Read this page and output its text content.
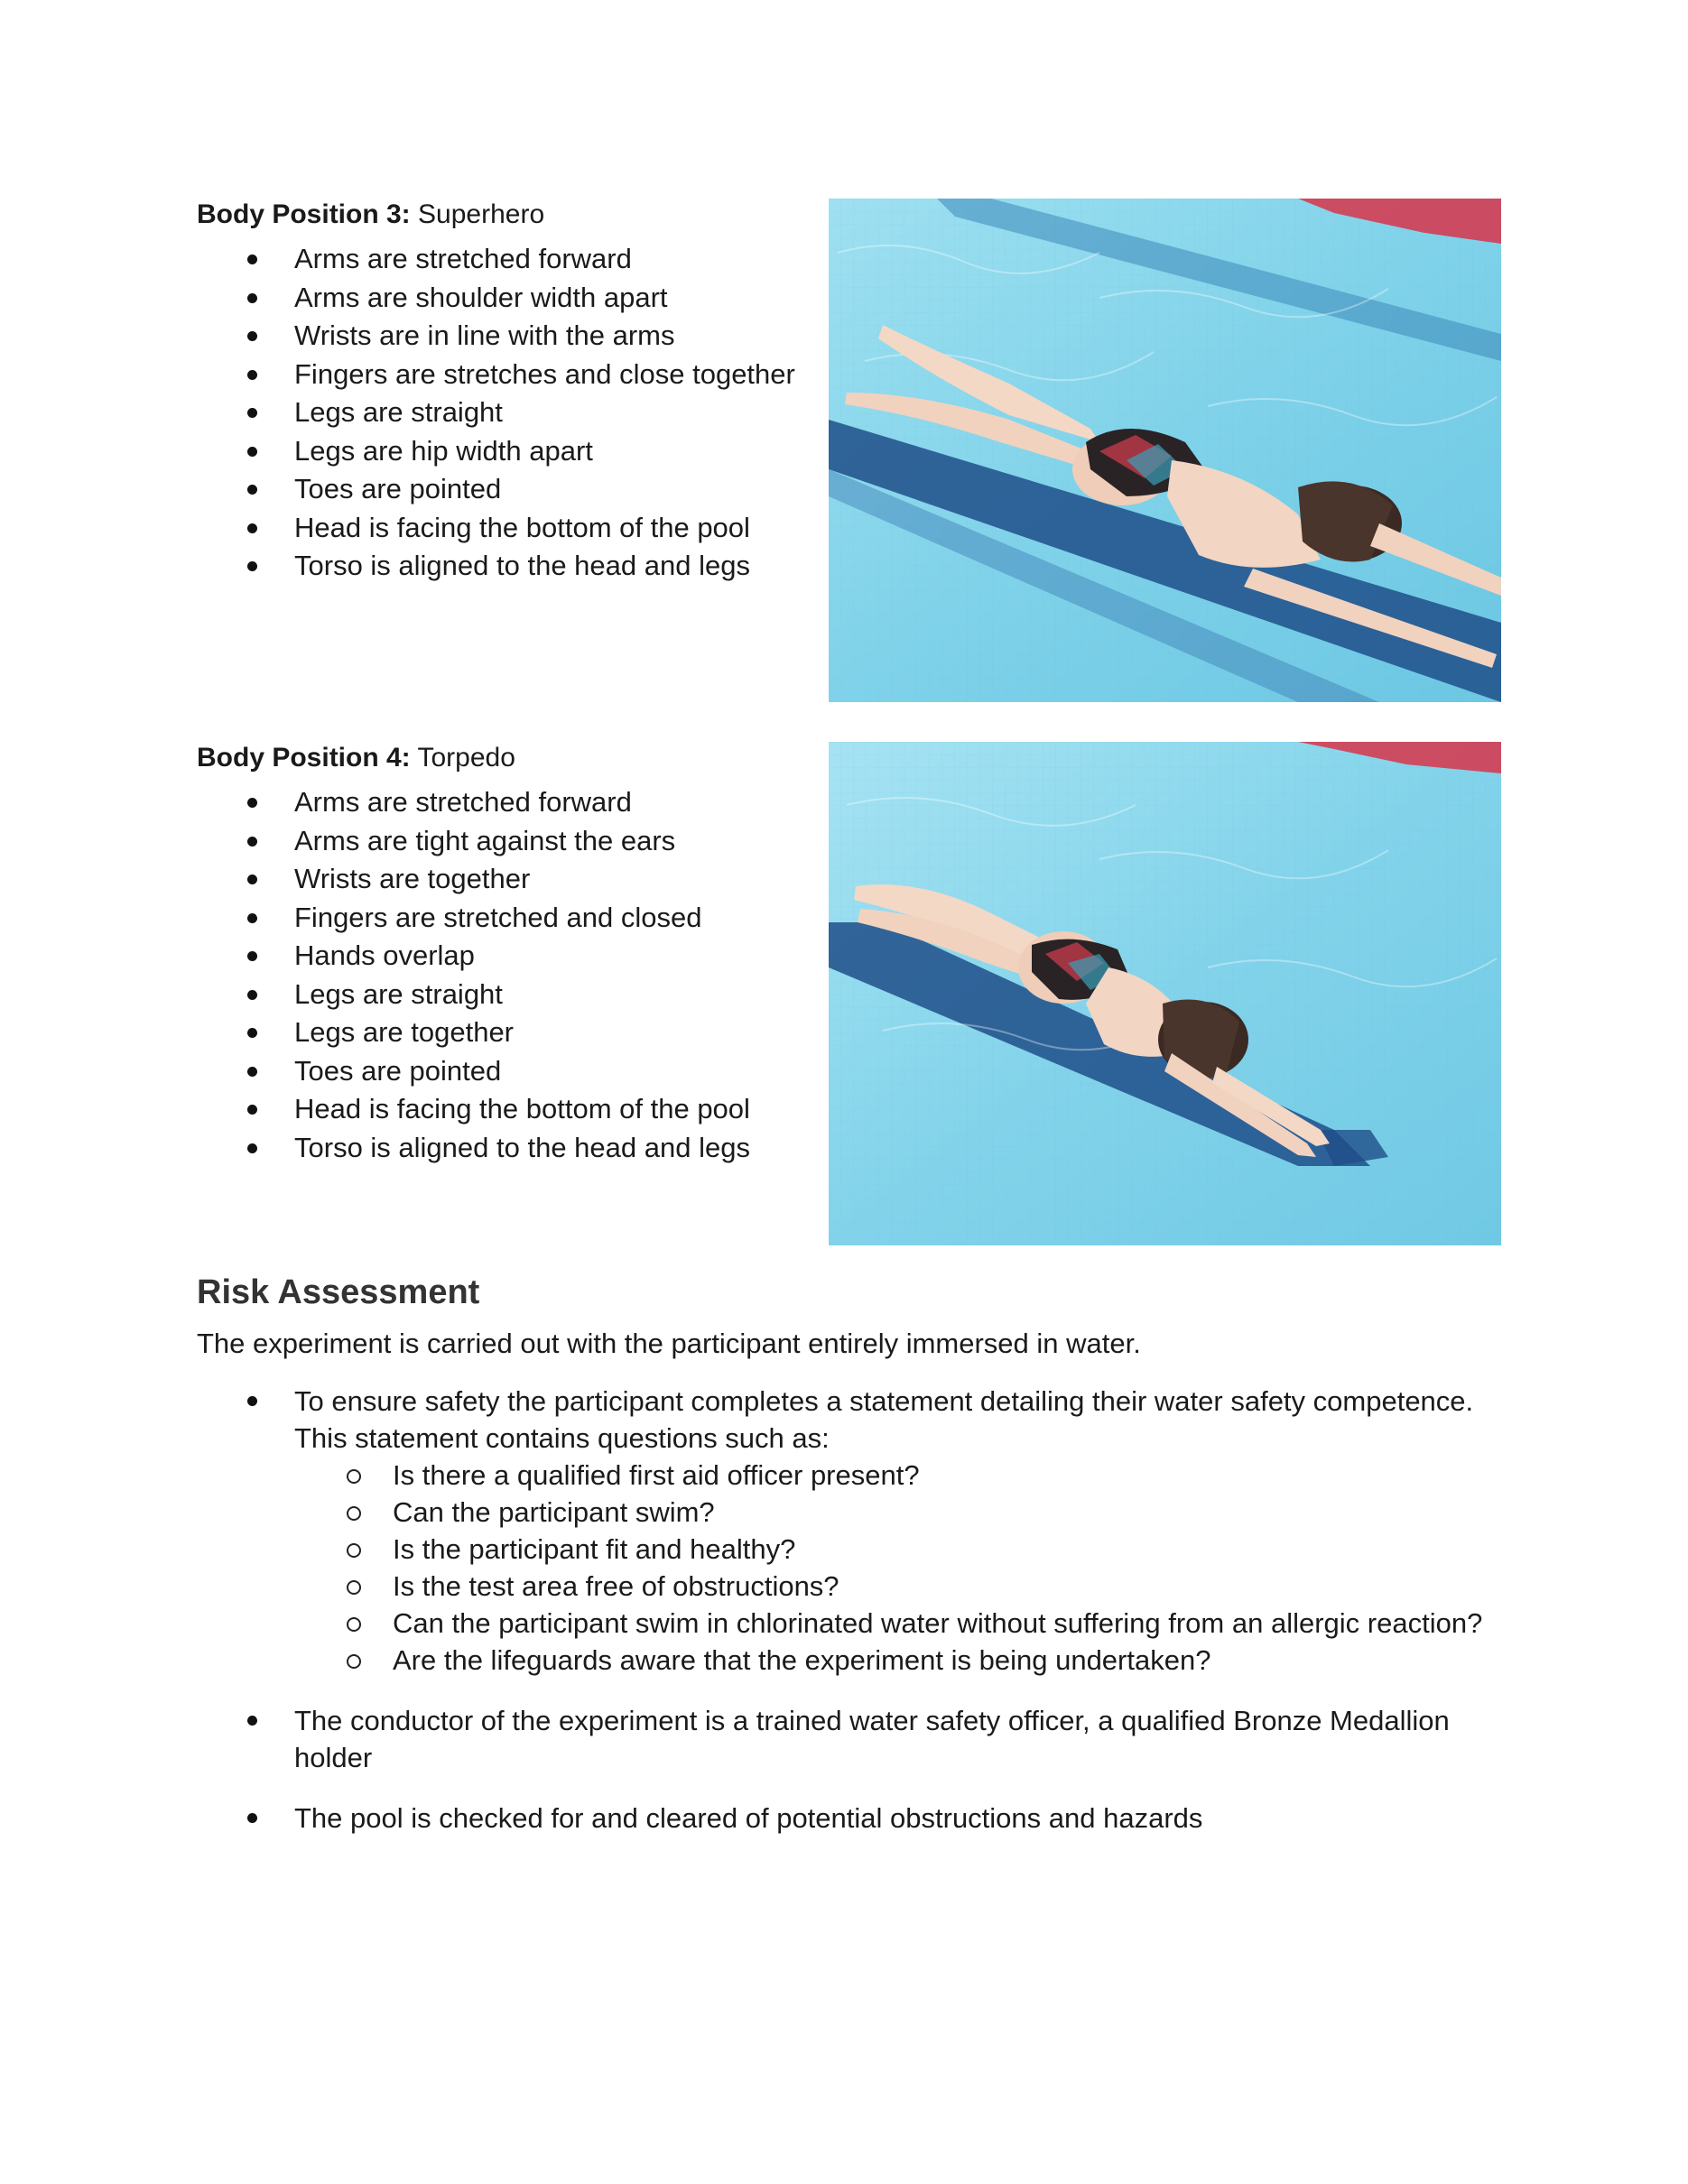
Body Position 3: Superhero

Arms are stretched forward
Arms are shoulder width apart
Wrists are in line with the arms
Fingers are stretches and close together
Legs are straight
Legs are hip width apart
Toes are pointed
Head is facing the bottom of the pool
Torso is aligned to the head and legs

Body Position 4: Torpedo

Arms are stretched forward
Arms are tight against the ears
Wrists are together
Fingers are stretched and closed
Hands overlap
Legs are straight
Legs are together
Toes are pointed
Head is facing the bottom of the pool
Torso is aligned to the head and legs
Risk Assessment

The experiment is carried out with the participant entirely immersed in water.

To ensure safety the participant completes a statement detailing their water safety competence. This statement contains questions such as:
Is there a qualified first aid officer present?
Can the participant swim?
Is the participant fit and healthy?
Is the test area free of obstructions?
Can the participant swim in chlorinated water without suffering from an allergic reaction?
Are the lifeguards aware that the experiment is being undertaken?
The conductor of the experiment is a trained water safety officer, a qualified Bronze Medallion holder
The pool is checked for and cleared of potential obstructions and hazards
